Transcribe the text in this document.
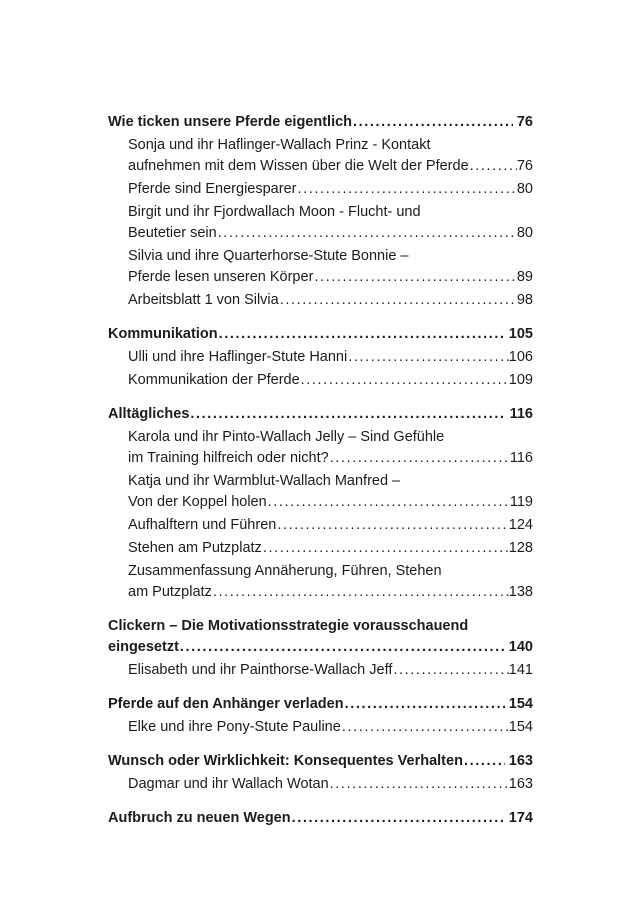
Wie ticken unsere Pferde eigentlich .....	76
Sonja und ihr Haflinger-Wallach Prinz - Kontakt
aufnehmen mit dem Wissen über die Welt der Pferde .....	76
Pferde sind Energiesparer .....	80
Birgit und ihr Fjordwallach Moon - Flucht- und
Beutetier sein .....	80
Silvia und ihre Quarterhorse-Stute Bonnie –
Pferde lesen unseren Körper .....	89
Arbeitsblatt 1 von Silvia .....	98
Kommunikation .....	105
Ulli und ihre Haflinger-Stute Hanni .....	106
Kommunikation der Pferde .....	109
Alltägliches .....	116
Karola und ihr Pinto-Wallach Jelly – Sind Gefühle
im Training hilfreich oder nicht? .....	116
Katja und ihr Warmblut-Wallach Manfred –
Von der Koppel holen .....	119
Aufhalftern und Führen .....	124
Stehen am Putzplatz .....	128
Zusammenfassung Annäherung, Führen, Stehen
am Putzplatz .....	138
Clickern – Die Motivationsstrategie vorausschauend
eingesetzt .....	140
Elisabeth und ihr Painthorse-Wallach Jeff .....	141
Pferde auf den Anhänger verladen .....	154
Elke und ihre Pony-Stute Pauline .....	154
Wunsch oder Wirklichkeit: Konsequentes Verhalten .....	163
Dagmar und ihr Wallach Wotan .....	163
Aufbruch zu neuen Wegen .....	174
